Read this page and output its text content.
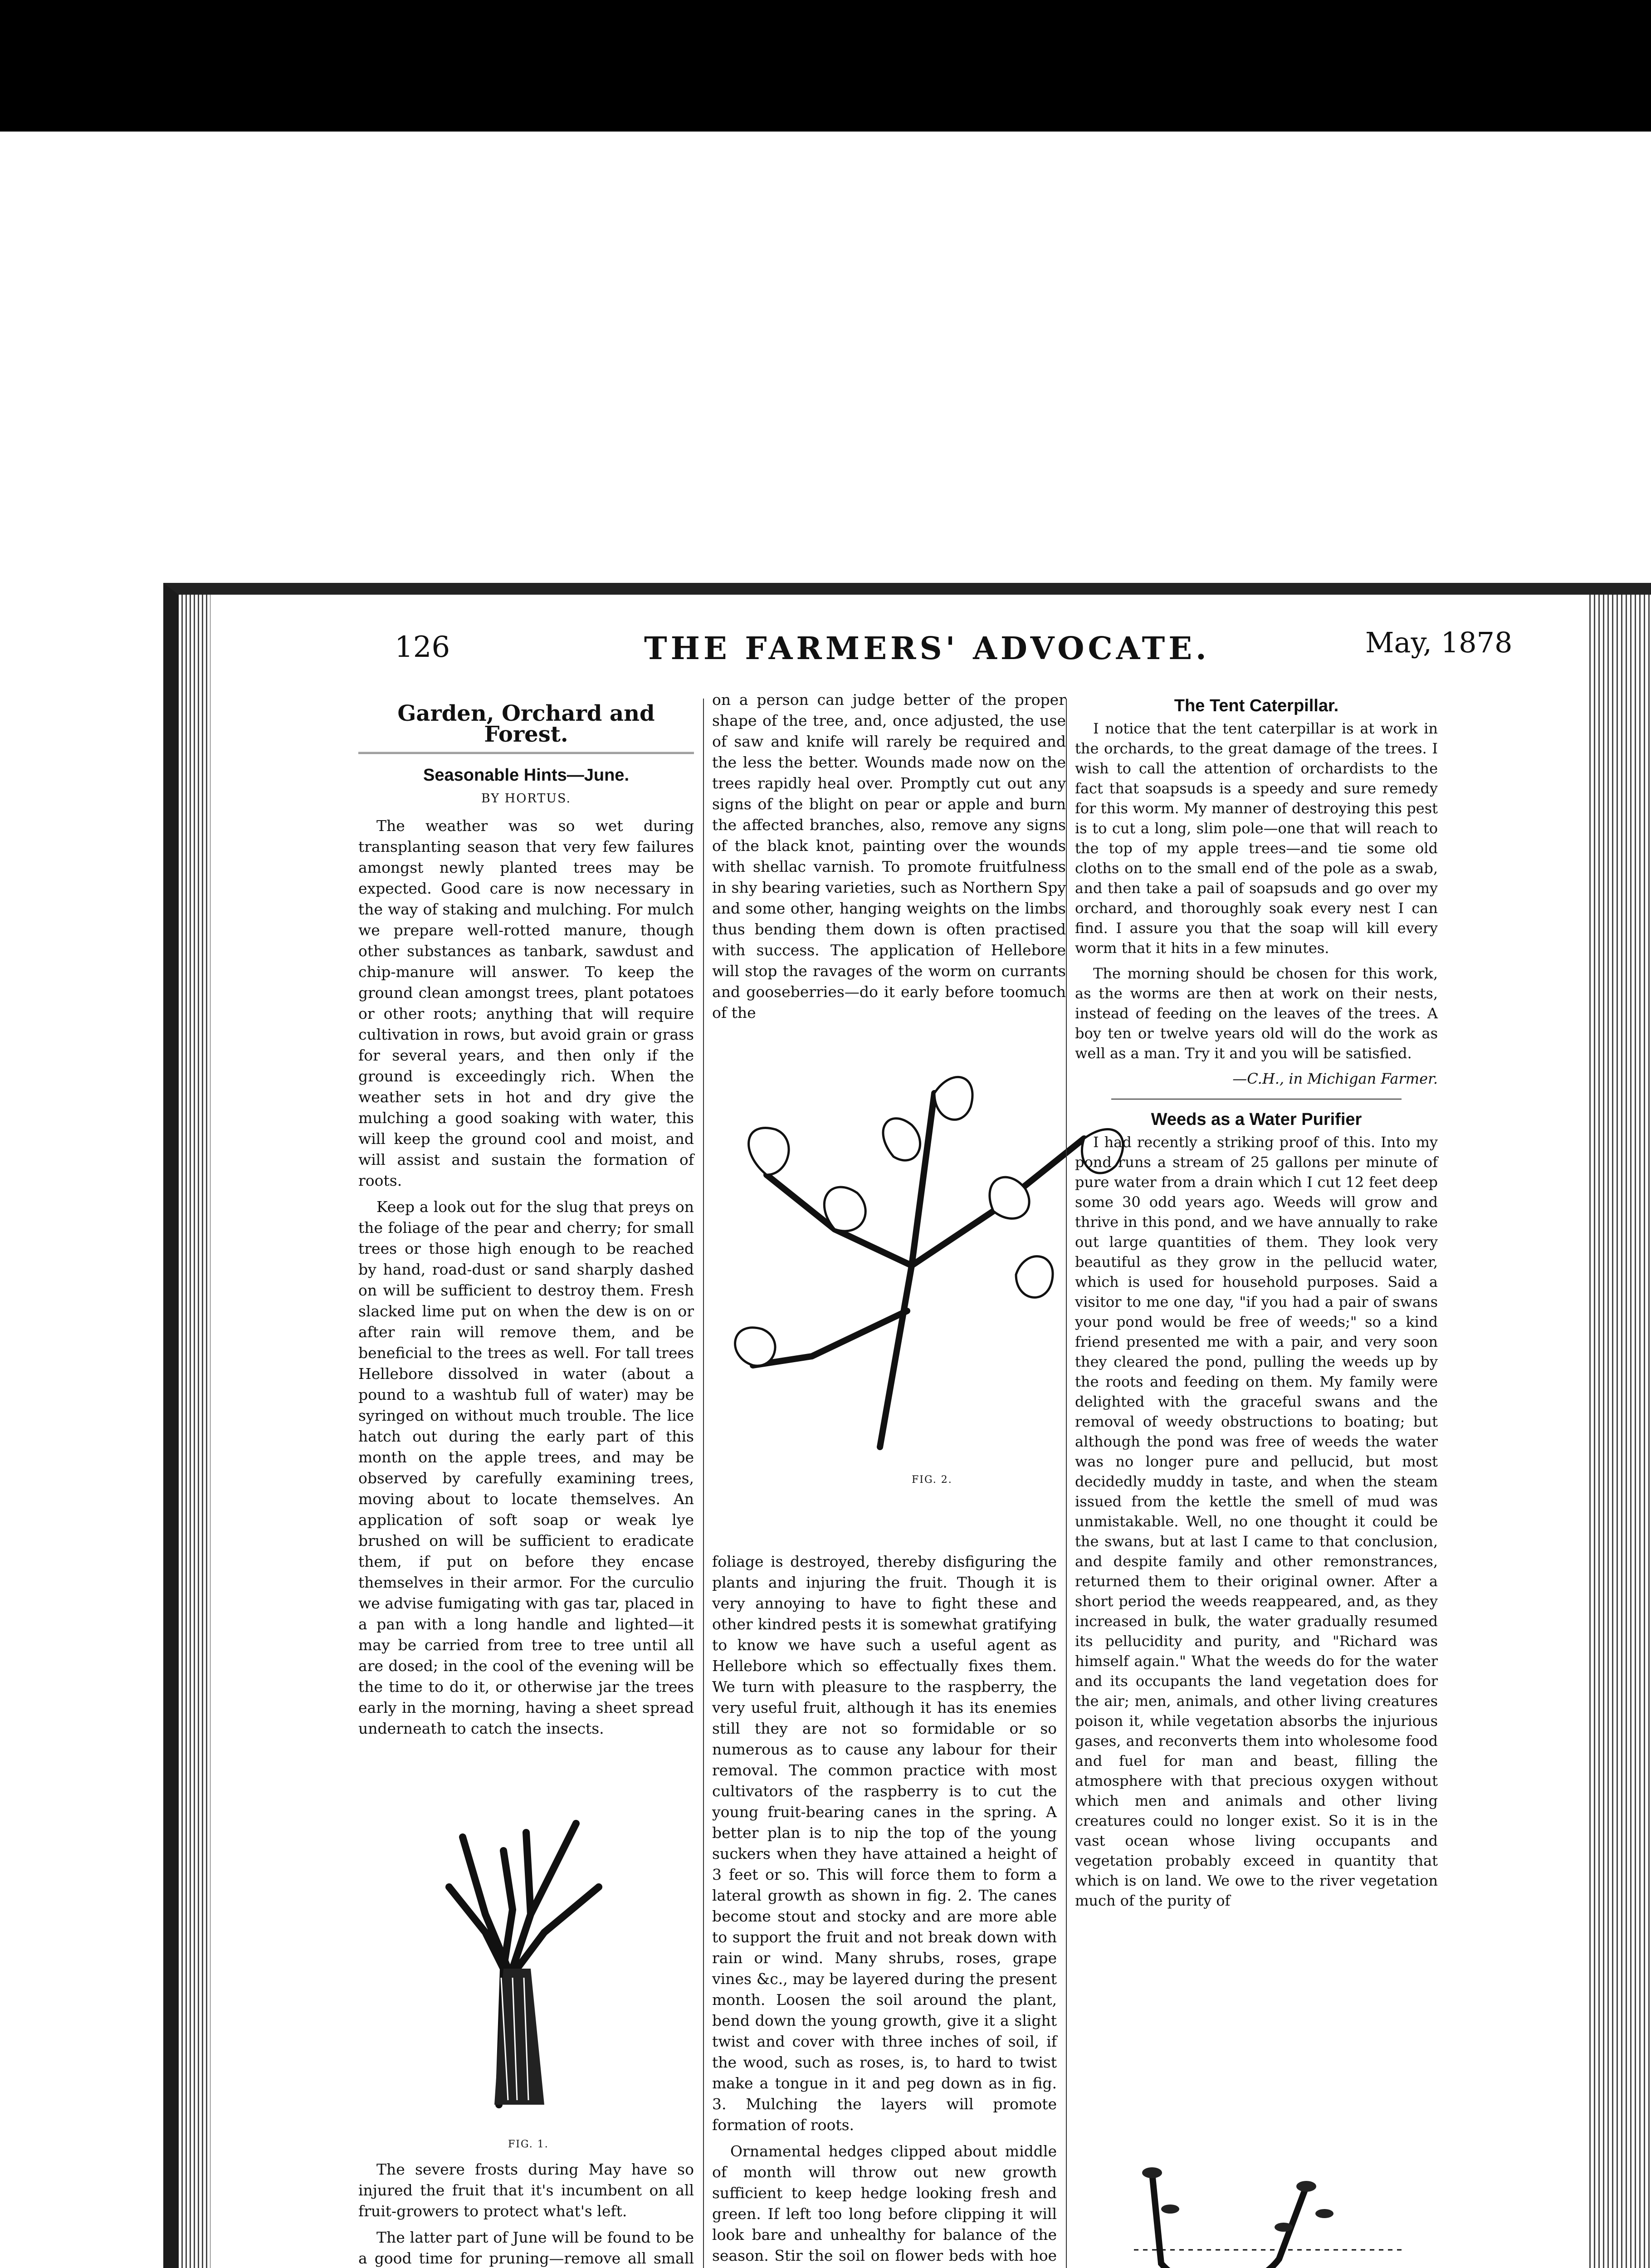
126	THE FARMERS' ADVOCATE.	May, 1878
Garden, Orchard and Forest.
Seasonable Hints—June.
BY HORTUS.

The weather was so wet during transplanting season that very few failures amongst newly planted trees may be expected. Good care is now necessary in the way of staking and mulching. For mulch we prepare well-rotted manure, though other substances as tanbark, sawdust and chip-manure will answer. To keep the ground clean amongst trees, plant potatoes or other roots; anything that will require cultivation in rows, but avoid grain or grass for several years, and then only if the ground is exceedingly rich. When the weather sets in hot and dry give the mulching a good soaking with water, this will keep the ground cool and moist, and will assist and sustain the formation of roots.

Keep a look out for the slug that preys on the foliage of the pear and cherry; for small trees or those high enough to be reached by hand, road-dust or sand sharply dashed on will be sufficient to destroy them. Fresh slacked lime put on when the dew is on or after rain will remove them, and be beneficial to the trees as well. For tall trees Hellebore dissolved in water (about a pound to a washtub full of water) may be syringed on without much trouble. The lice hatch out during the early part of this month on the apple trees, and may be observed by carefully examining trees, moving about to locate themselves. An application of soft soap or weak lye brushed on will be sufficient to eradicate them, if put on before they encase themselves in their armor. For the curculio we advise fumigating with gas tar, placed in a pan with a long handle and lighted—it may be carried from tree to tree until all are dosed; in the cool of the evening will be the time to do it, or otherwise jar the trees early in the morning, having a sheet spread underneath to catch the insects.

FIG. 1.

The severe frosts during May have so injured the fruit that it's incumbent on all fruit-growers to protect what's left.

The latter part of June will be found to be a good time for pruning—remove all small

on a person can judge better of the proper shape of the tree, and, once adjusted, the use of saw and knife will rarely be required and the less the better. Wounds made now on the trees rapidly heal over. Promptly cut out any signs of the blight on pear or apple and burn the affected branches, also, remove any signs of the black knot, painting over the wounds with shellac varnish. To promote fruitfulness in shy bearing varieties, such as Northern Spy and some other, hanging weights on the limbs thus bending them down is often practised with success. The application of Hellebore will stop the ravages of the worm on currants and gooseberries—do it early before toomuch of the

FIG. 2.

foliage is destroyed, thereby disfiguring the plants and injuring the fruit. Though it is very annoying to have to fight these and other kindred pests it is somewhat gratifying to know we have such a useful agent as Hellebore which so effectually fixes them. We turn with pleasure to the raspberry, the very useful fruit, although it has its enemies still they are not so formidable or so numerous as to cause any labour for their removal. The common practice with most cultivators of the raspberry is to cut the young fruit-bearing canes in the spring. A better plan is to nip the top of the young suckers when they have attained a height of 3 feet or so. This will force them to form a lateral growth as shown in fig. 2. The canes become stout and stocky and are more able to support the fruit and not break down with rain or wind. Many shrubs, roses, grape vines &c., may be layered during the present month. Loosen the soil around the plant, bend down the young growth, give it a slight twist and cover with three inches of soil, if the wood, such as roses, is, to hard to twist make a tongue in it and peg down as in fig. 3. Mulching the layers will promote formation of roots.

Ornamental hedges clipped about middle of month will throw out new growth sufficient to keep hedge looking fresh and green. If left too long before clipping it will look bare and unhealthy for balance of the season. Stir the soil on flower beds with hoe

The Tent Caterpillar.

I notice that the tent caterpillar is at work in the orchards, to the great damage of the trees. I wish to call the attention of orchardists to the fact that soapsuds is a speedy and sure remedy for this worm. My manner of destroying this pest is to cut a long, slim pole—one that will reach to the top of my apple trees—and tie some old cloths on to the small end of the pole as a swab, and then take a pail of soapsuds and go over my orchard, and thoroughly soak every nest I can find. I assure you that the soap will kill every worm that it hits in a few minutes.

The morning should be chosen for this work, as the worms are then at work on their nests, instead of feeding on the leaves of the trees. A boy ten or twelve years old will do the work as well as a man. Try it and you will be satisfied.

—C.H., in Michigan Farmer.
Weeds as a Water Purifier

I had recently a striking proof of this. Into my pond runs a stream of 25 gallons per minute of pure water from a drain which I cut 12 feet deep some 30 odd years ago. Weeds will grow and thrive in this pond, and we have annually to rake out large quantities of them. They look very beautiful as they grow in the pellucid water, which is used for household purposes. Said a visitor to me one day, "if you had a pair of swans your pond would be free of weeds;" so a kind friend presented me with a pair, and very soon they cleared the pond, pulling the weeds up by the roots and feeding on them. My family were delighted with the graceful swans and the removal of weedy obstructions to boating; but although the pond was free of weeds the water was no longer pure and pellucid, but most decidedly muddy in taste, and when the steam issued from the kettle the smell of mud was unmistakable. Well, no one thought it could be the swans, but at last I came to that conclusion, and despite family and other remonstrances, returned them to their original owner. After a short period the weeds reappeared, and, as they increased in bulk, the water gradually resumed its pellucidity and purity, and "Richard was himself again." What the weeds do for the water and its occupants the land vegetation does for the air; men, animals, and other living creatures poison it, while vegetation absorbs the injurious gases, and reconverts them into wholesome food and fuel for man and beast, filling the atmosphere with that precious oxygen without which men and animals and other living creatures could no longer exist. So it is in the vast ocean whose living occupants and vegetation probably exceed in quantity that which is on land. We owe to the river vegetation much of the purity of
